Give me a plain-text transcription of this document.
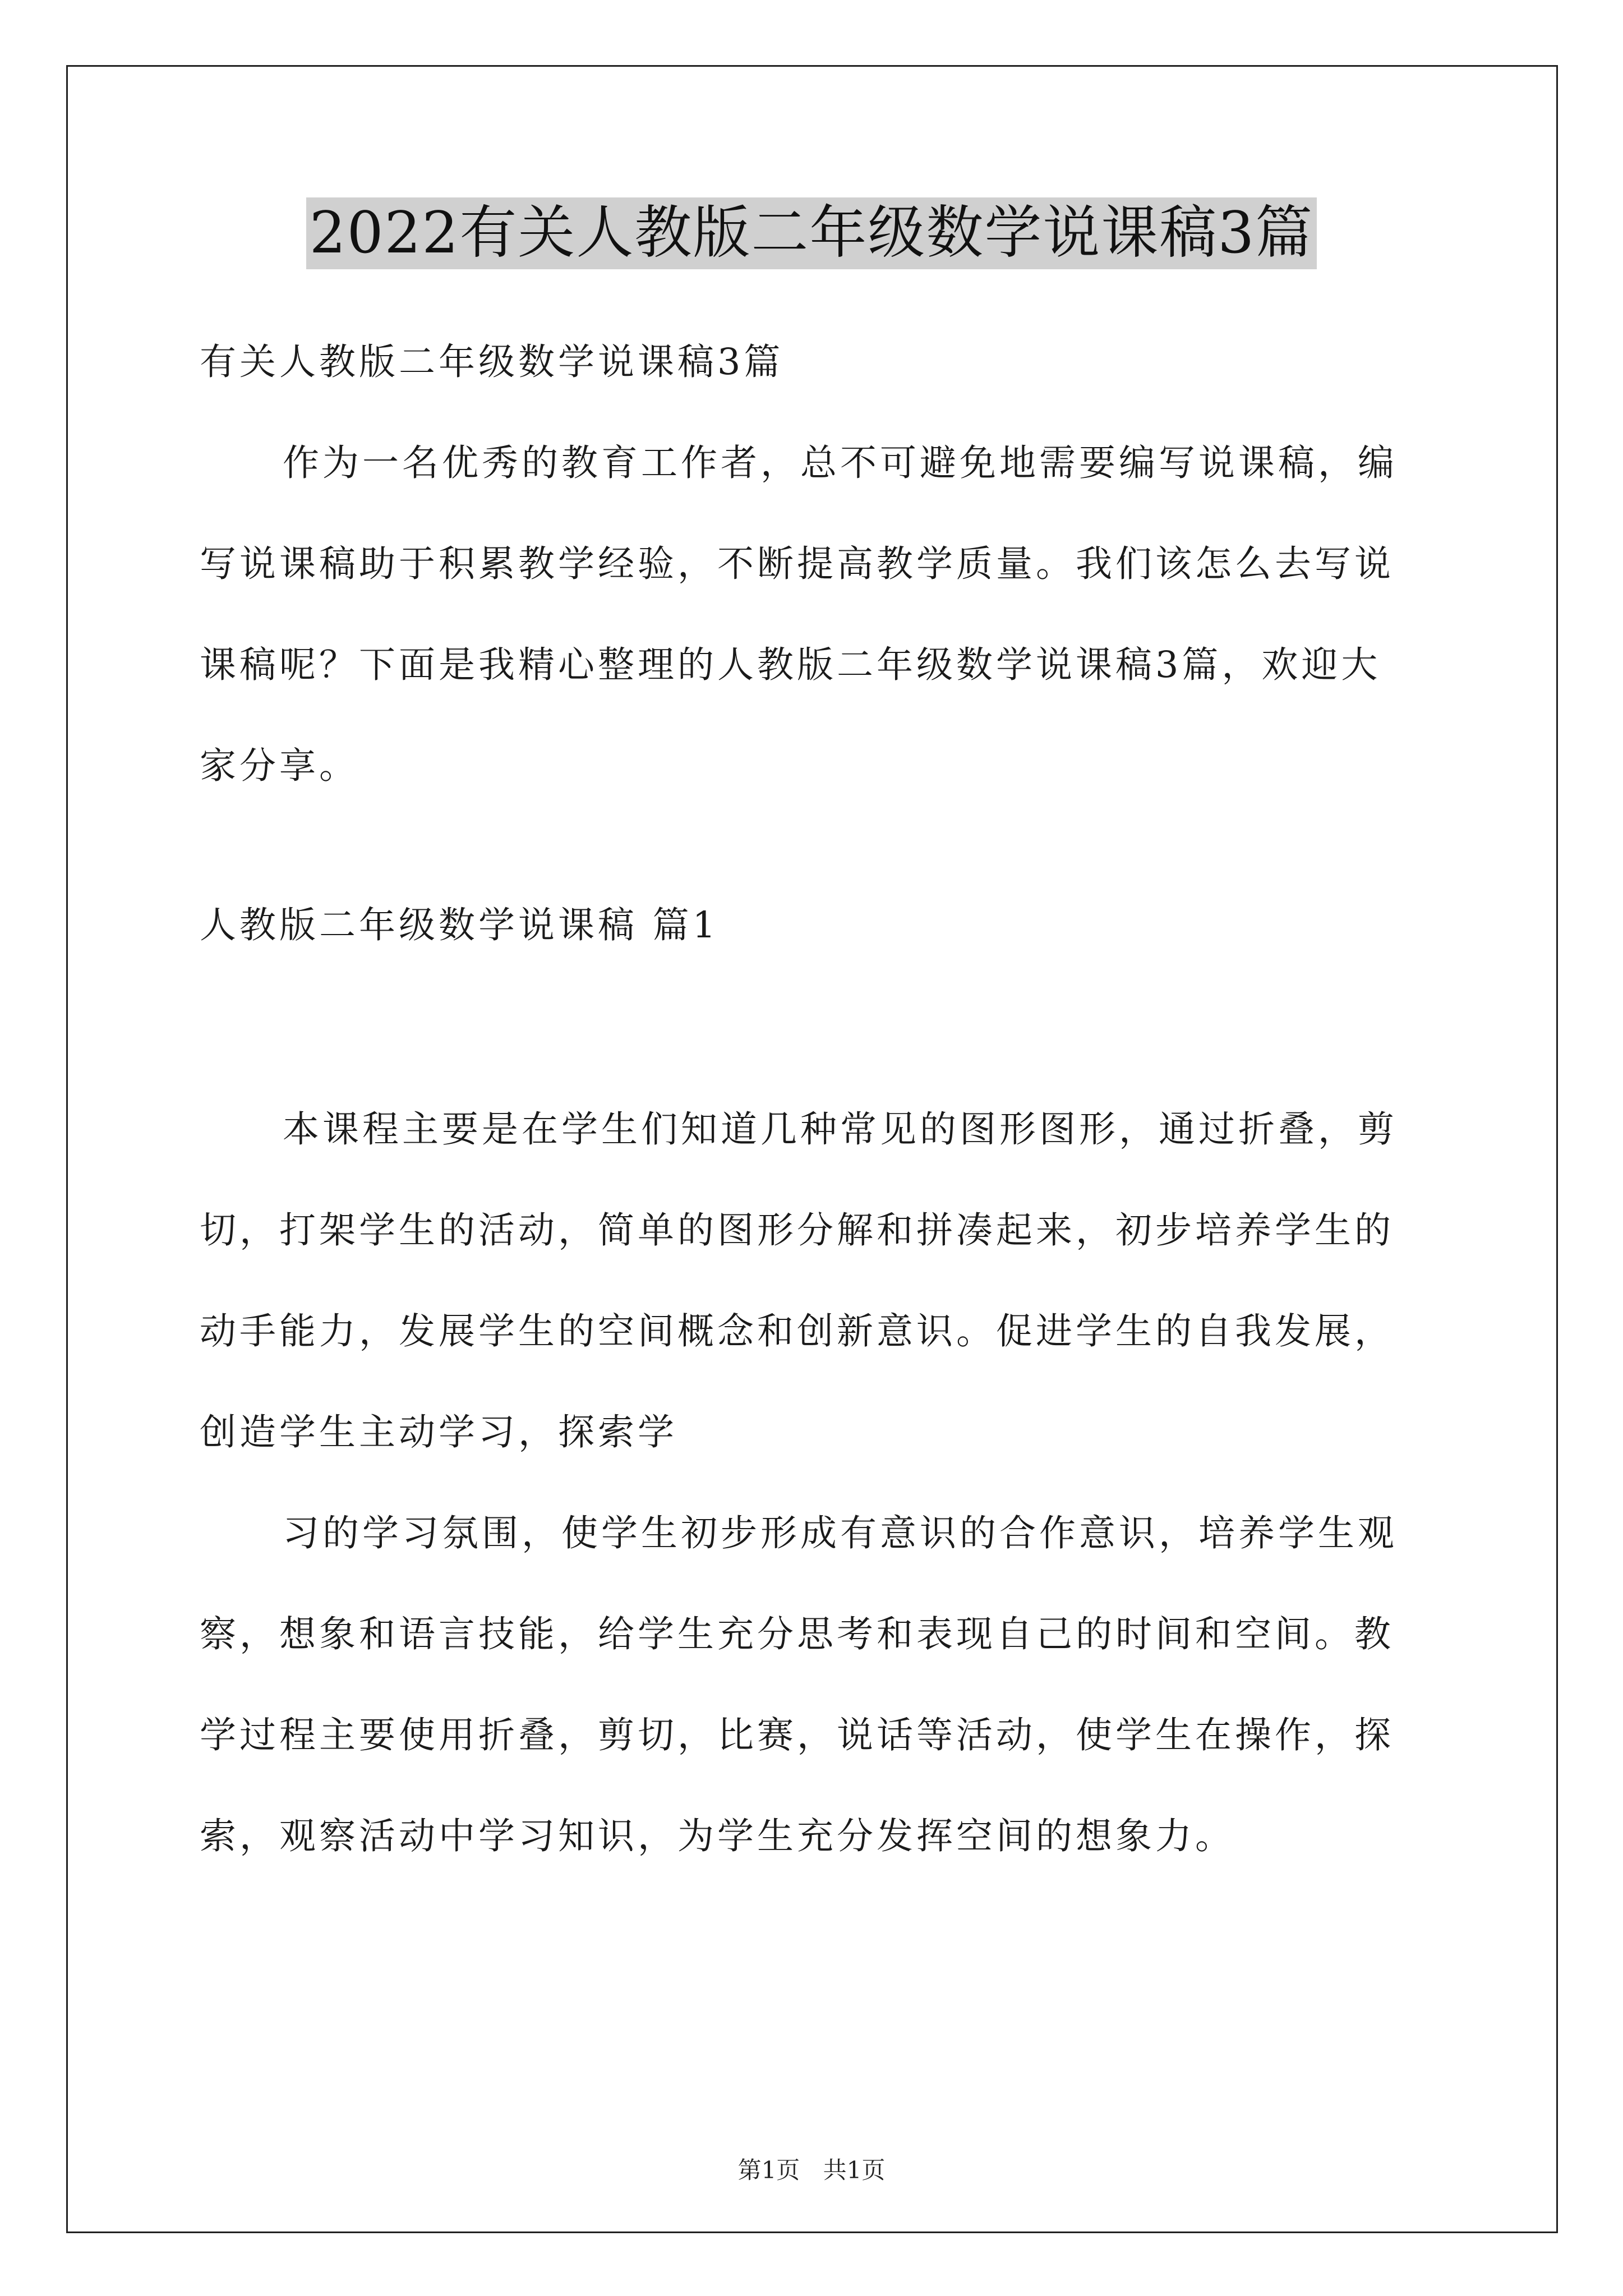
2022有关人教版二年级数学说课稿3篇
有关人教版二年级数学说课稿3篇
作为一名优秀的教育工作者，总不可避免地需要编写说课稿，编
写说课稿助于积累教学经验，不断提高教学质量。我们该怎么去写说
课稿呢？下面是我精心整理的人教版二年级数学说课稿3篇，欢迎大
家分享。
人教版二年级数学说课稿 篇1
本课程主要是在学生们知道几种常见的图形图形，通过折叠，剪
切，打架学生的活动，简单的图形分解和拼凑起来，初步培养学生的
动手能力，发展学生的空间概念和创新意识。促进学生的自我发展，
创造学生主动学习，探索学
习的学习氛围，使学生初步形成有意识的合作意识，培养学生观
察，想象和语言技能，给学生充分思考和表现自己的时间和空间。教
学过程主要使用折叠，剪切，比赛，说话等活动，使学生在操作，探
索，观察活动中学习知识，为学生充分发挥空间的想象力。
第1页 共1页
